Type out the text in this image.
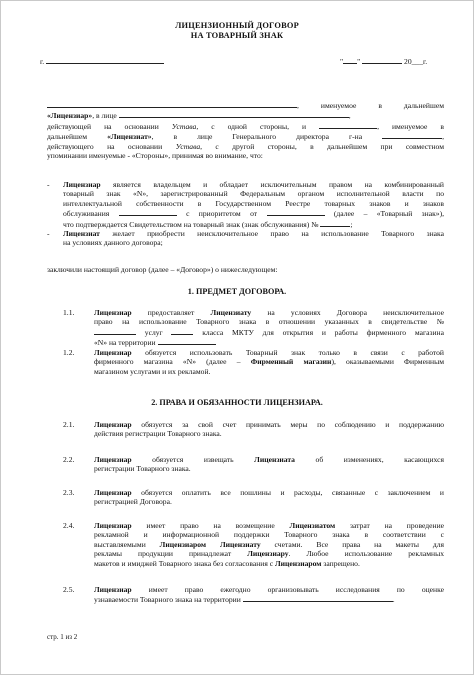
ЛИЦЕНЗИОННЫЙ ДОГОВОР
НА ТОВАРНЫЙ ЗНАК
г.	" "	20___г.
, именуемое в дальнейшем
«Лицензиар», в лице	,
действующей на основании Устава, с одной стороны, и	, именуемое в
дальнейшем	«Лицензиат», в лице Генерального директора г-на	,
действующего на основании Устава, с другой стороны, в дальнейшем при совместном
упоминании именуемые - «Стороны», принимая во внимание, что:
-	Лицензиар является владельцем и обладает исключительным правом на комбинированный
товарный знак «N», зарегистрированный Федеральным органом исполнительной власти по
интеллектуальной собственности в Государственном Реестре товарных знаков и знаков
обслуживания	с приоритетом от	(далее – «Товарный знак»),
что подтверждается Свидетельством на товарный знак (знак обслуживания) №	;
-	Лицензиат желает приобрести неисключительное право на использование Товарного знака
на условиях данного договора;
заключили настоящий договор (далее – «Договор») о нижеследующем:
1. ПРЕДМЕТ ДОГОВОРА.
1.1.	Лицензиар предоставляет Лицензиату на условиях Договора неисключительное
право на использование Товарного знака в отношении указанных в свидетельстве №
услуг	класса МКТУ для открытия и работы фирменного магазина
«N» на территории
1.2.	Лицензиар обязуется использовать Товарный знак только в связи с работой
фирменного магазина «N» (далее – Фирменный магазин), оказываемыми Фирменным
магазином услугами и их рекламой.
2. ПРАВА И ОБЯЗАННОСТИ ЛИЦЕНЗИАРА.
2.1.	Лицензиар обязуется за свой счет принимать меры по соблюдению и поддержанию
действия регистрации Товарного знака.
2.2.	Лицензиар	обязуется извещать	Лицензиата	об изменениях, касающихся
регистрации Товарного знака.
2.3.	Лицензиар обязуется оплатить все пошлины и расходы, связанные с заключением и
регистрацией Договора.
2.4.	Лицензиар имеет право на возмещение Лицензиатом затрат на проведение
рекламной и информационной поддержки Товарного знака в соответствии с
выставляемыми Лицензиаром Лицензиату счетами. Все права на макеты для
рекламы продукции принадлежат Лицензиару. Любое использование рекламных
макетов и имиджей Товарного знака без согласования с Лицензиаром запрещено.
2.5.	Лицензиар имеет право ежегодно организовывать исследования по оценке
узнаваемости Товарного знака на территории	.
стр. 1 из 2
